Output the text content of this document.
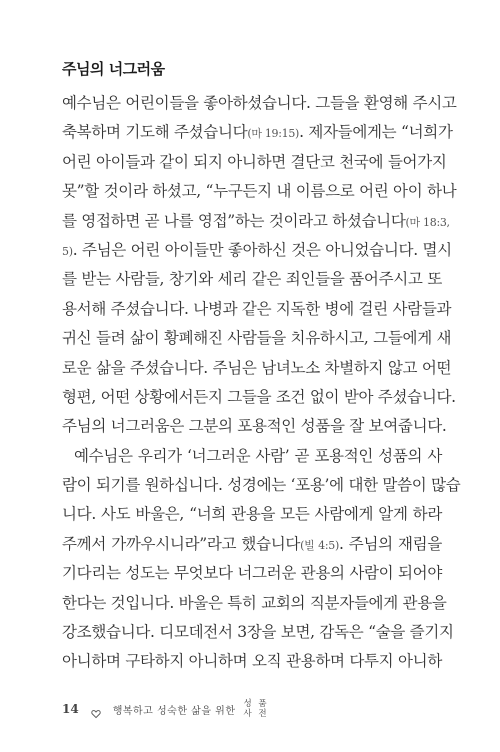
주님의 너그러움
예수님은 어린이들을 좋아하셨습니다. 그들을 환영해 주시고
축복하며 기도해 주셨습니다(마 19:15). 제자들에게는 “너희가
어린 아이들과 같이 되지 아니하면 결단코 천국에 들어가지
못”할 것이라 하셨고, “누구든지 내 이름으로 어린 아이 하나
를 영접하면 곧 나를 영접”하는 것이라고 하셨습니다(마 18:3,
5). 주님은 어린 아이들만 좋아하신 것은 아니었습니다. 멸시
를 받는 사람들, 창기와 세리 같은 죄인들을 품어주시고 또
용서해 주셨습니다. 나병과 같은 지독한 병에 걸린 사람들과
귀신 들려 삶이 황폐해진 사람들을 치유하시고, 그들에게 새
로운 삶을 주셨습니다. 주님은 남녀노소 차별하지 않고 어떤
형편, 어떤 상황에서든지 그들을 조건 없이 받아 주셨습니다.
주님의 너그러움은 그분의 포용적인 성품을 잘 보여줍니다.
예수님은 우리가 ‘너그러운 사람’ 곧 포용적인 성품의 사
람이 되기를 원하십니다. 성경에는 ‘포용’에 대한 말씀이 많습
니다. 사도 바울은, “너희 관용을 모든 사람에게 알게 하라
주께서 가까우시니라”라고 했습니다(빌 4:5). 주님의 재림을
기다리는 성도는 무엇보다 너그러운 관용의 사람이 되어야
한다는 것입니다. 바울은 특히 교회의 직분자들에게 관용을
강조했습니다. 디모데전서 3장을 보면, 감독은 “술을 즐기지
아니하며 구타하지 아니하며 오직 관용하며 다투지 아니하
14	행복하고 성숙한 삶을 위한
성 품
사 전
